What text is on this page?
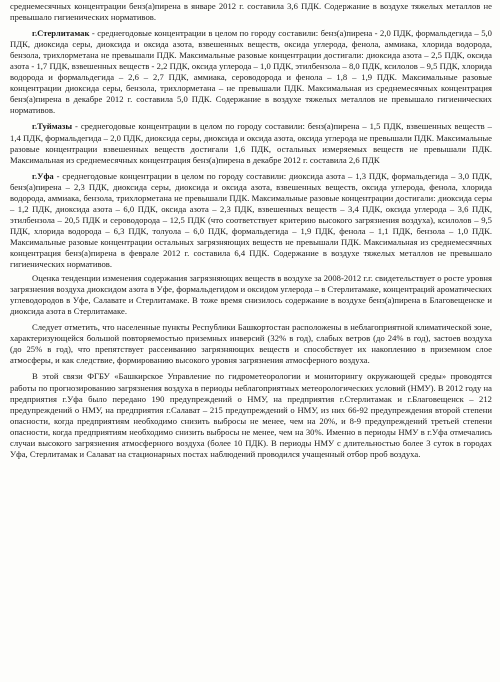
среднемесячных концентрации бенз(а)пирена в январе 2012 г. составила 3,6 ПДК. Содержание в воздухе тяжелых металлов не превышало гигиенических нормативов.

г.Стерлитамак - среднегодовые концентрации в целом по городу составили: бенз(а)пирена - 2,0 ПДК, формальдегида – 5,0 ПДК, диоксида серы, диоксида и оксида азота, взвешенных веществ, оксида углерода, фенола, аммиака, хлорида водорода, бензола, трихлорметана не превышали ПДК. Максимальные разовые концентрации достигали: диоксида азота – 2,5 ПДК, оксида азота - 1,7 ПДК, взвешенных веществ - 2,2 ПДК, оксида углерода – 1,0 ПДК, этилбензола – 8,0 ПДК, ксилолов – 9,5 ПДК, хлорида водорода и формальдегида – 2,6 – 2,7 ПДК, аммиака, сероводорода и фенола – 1,8 – 1,9 ПДК. Максимальные разовые концентрации диоксида серы, бензола, трихлорметана – не превышали ПДК. Максимальная из среднемесячных концентрация бенз(а)пирена в декабре 2012 г. составила 5,0 ПДК. Содержание в воздухе тяжелых металлов не превышало гигиенических нормативов.

г.Туймазы - среднегодовые концентрации в целом по городу составили: бенз(а)пирена – 1,5 ПДК, взвешенных веществ – 1,4 ПДК, формальдегида – 2,0 ПДК, диоксида серы, диоксида и оксида азота, оксида углерода не превышали ПДК. Максимальные разовые концентрации взвешенных веществ достигали 1,6 ПДК, остальных измеряемых веществ не превышали ПДК. Максимальная из среднемесячных концентрация бенз(а)пирена в декабре 2012 г. составила 2,6 ПДК

г.Уфа - среднегодовые концентрации в целом по городу составили: диоксида азота – 1,3 ПДК, формальдегида – 3,0 ПДК, бенз(а)пирена – 2,3 ПДК, диоксида серы, диоксида и оксида азота, взвешенных веществ, оксида углерода, фенола, хлорида водорода, аммиака, бензола, трихлорметана не превышали ПДК. Максимальные разовые концентрации достигали: диоксида серы – 1,2 ПДК, диоксида азота – 6,0 ПДК, оксида азота – 2,3 ПДК, взвешенных веществ – 3,4 ПДК, оксида углерода – 3,6 ПДК, этилбензола – 20,5 ПДК и сероводорода – 12,5 ПДК (что соответствует критерию высокого загрязнения воздуха), ксилолов – 9,5 ПДК, хлорида водорода – 6,3 ПДК, толуола – 6,0 ПДК, формальдегида – 1,9 ПДК, фенола – 1,1 ПДК, бензола – 1,0 ПДК. Максимальные разовые концентрации остальных загрязняющих веществ не превышали ПДК. Максимальная из среднемесячных концентрация бенз(а)пирена в феврале 2012 г. составила 6,4 ПДК. Содержание в воздухе тяжелых металлов не превышало гигиенических нормативов.

Оценка тенденции изменения содержания загрязняющих веществ в воздухе за 2008-2012 г.г. свидетельствует о росте уровня загрязнения воздуха диоксидом азота в Уфе, формальдегидом и оксидом углерода – в Стерлитамаке, концентраций ароматических углеводородов в Уфе, Салавате и Стерлитамаке. В тоже время снизилось содержание в воздухе бенз(а)пирена в Благовещенске и диоксида азота в Стерлитамаке.

Следует отметить, что населенные пункты Республики Башкортостан расположены в неблагоприятной климатической зоне, характеризующейся большой повторяемостью приземных инверсий (32% в год), слабых ветров (до 24% в год), застоев воздуха (до 25% в год), что препятствует рассеиванию загрязняющих веществ и способствует их накоплению в приземном слое атмосферы, и как следствие, формированию высокого уровня загрязнения атмосферного воздуха.

В этой связи ФГБУ «Башкирское Управление по гидрометеорологии и мониторингу окружающей среды» проводятся работы по прогнозированию загрязнения воздуха в периоды неблагоприятных метеорологических условий (НМУ). В 2012 году на предприятия г.Уфа было передано 190 предупреждений о НМУ, на предприятия г.Стерлитамак и г.Благовещенск – 212 предупреждений о НМУ, на предприятия г.Салават – 215 предупреждений о НМУ, из них 66-92 предупреждения второй степени опасности, когда предприятиям необходимо снизить выбросы не менее, чем на 20%, и 8-9 предупреждений третьей степени опасности, когда предприятиям необходимо снизить выбросы не менее, чем на 30%. Именно в периоды НМУ в г.Уфа отмечались случаи высокого загрязнения атмосферного воздуха (более 10 ПДК). В периоды НМУ с длительностью более 3 суток в городах Уфа, Стерлитамак и Салават на стационарных постах наблюдений проводился учащенный отбор проб воздуха.
